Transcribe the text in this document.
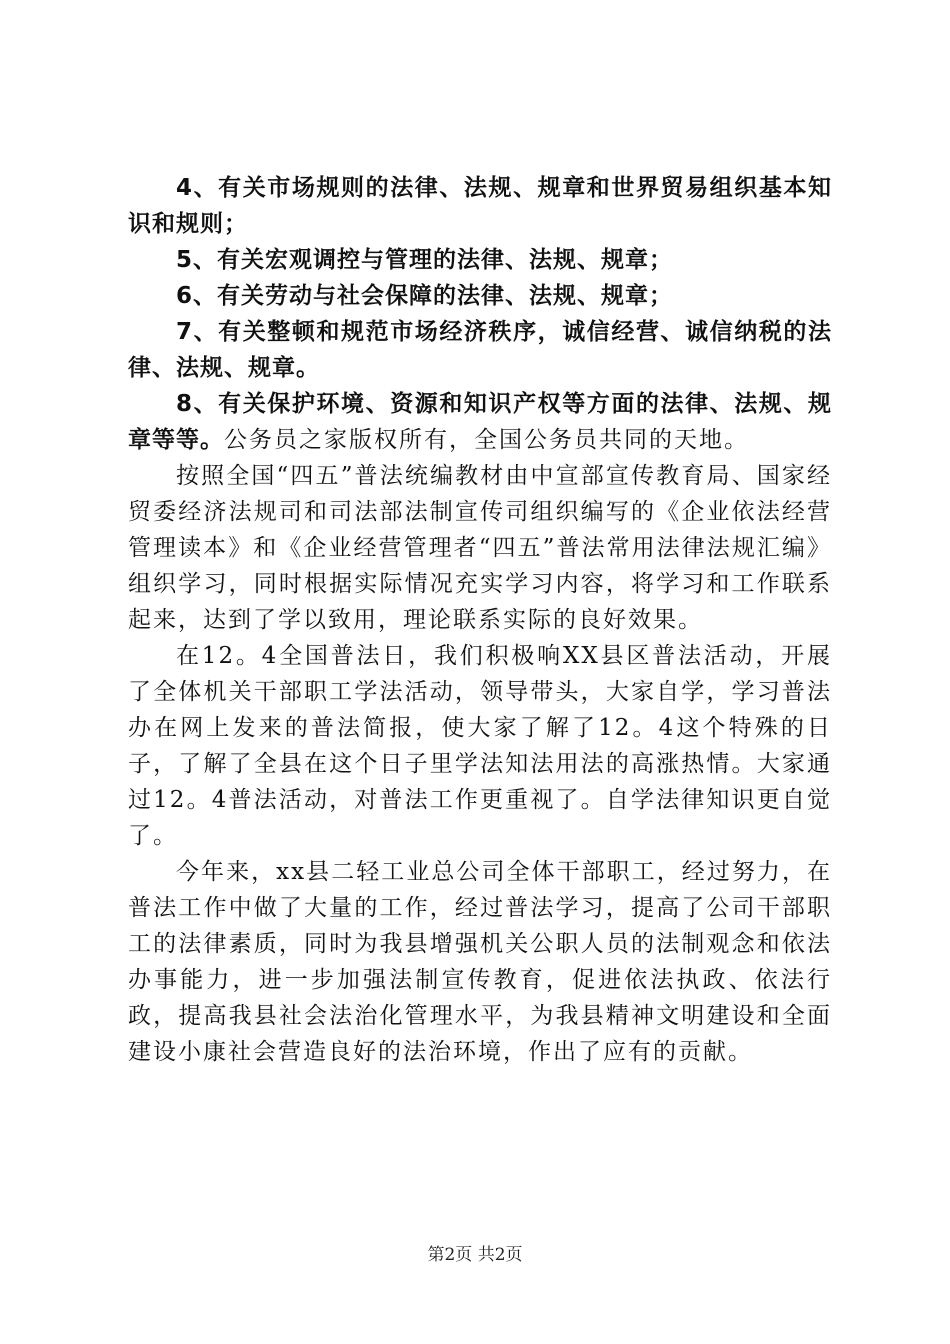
4、有关市场规则的法律、法规、规章和世界贸易组织基本知识和规则；

5、有关宏观调控与管理的法律、法规、规章；

6、有关劳动与社会保障的法律、法规、规章；

7、有关整顿和规范市场经济秩序，诚信经营、诚信纳税的法律、法规、规章。

8、有关保护环境、资源和知识产权等方面的法律、法规、规章等等。公务员之家版权所有，全国公务员共同的天地。

按照全国“四五”普法统编教材由中宣部宣传教育局、国家经贸委经济法规司和司法部法制宣传司组织编写的《企业依法经营管理读本》和《企业经营管理者“四五”普法常用法律法规汇编》组织学习，同时根据实际情况充实学习内容，将学习和工作联系起来，达到了学以致用，理论联系实际的良好效果。

在12。4全国普法日，我们积极响XX县区普法活动，开展了全体机关干部职工学法活动，领导带头，大家自学，学习普法办在网上发来的普法简报，使大家了解了12。4这个特殊的日子，了解了全县在这个日子里学法知法用法的高涨热情。大家通过12。4普法活动，对普法工作更重视了。自学法律知识更自觉了。

今年来，xx县二轻工业总公司全体干部职工，经过努力，在普法工作中做了大量的工作，经过普法学习，提高了公司干部职工的法律素质，同时为我县增强机关公职人员的法制观念和依法办事能力，进一步加强法制宣传教育，促进依法执政、依法行政，提高我县社会法治化管理水平，为我县精神文明建设和全面建设小康社会营造良好的法治环境，作出了应有的贡献。

第2页 共2页
